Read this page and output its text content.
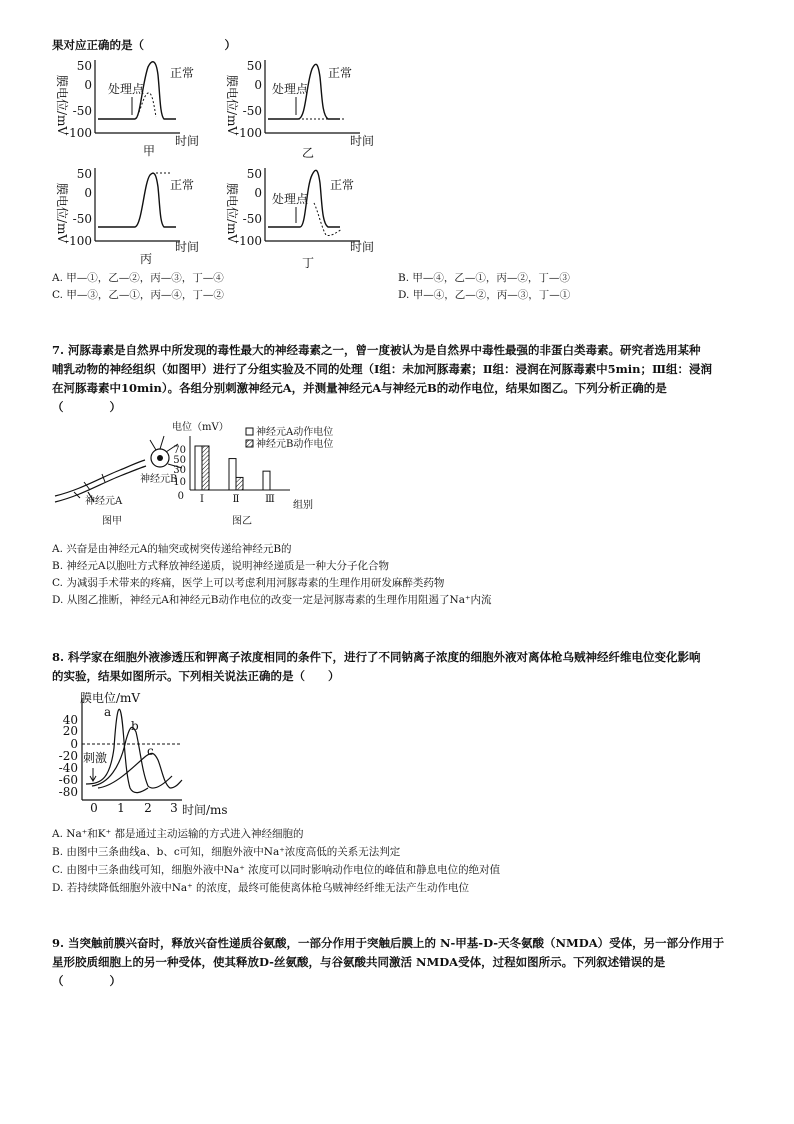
果对应正确的是（　　　　　　　）
膜电位/mV
50
0
-50
-100
处理点
正常
时间
甲
膜电位/mV
50
0
-50
-100
处理点
正常
时间
乙
膜电位/mV
50
0
-50
-100
正常
时间
丙
膜电位/mV
50
0
-50
-100
处理点
正常
时间
丁
A. 甲—①，乙—②，丙—③，丁—④	B. 甲—④，乙—①，丙—②，丁—③
C. 甲—③，乙—①，丙—④，丁—②	D. 甲—④，乙—②，丙—③，丁—①
7. 河豚毒素是自然界中所发现的毒性最大的神经毒素之一，曾一度被认为是自然界中毒性最强的非蛋白类毒素。研究者选用某种
哺乳动物的神经组织（如图甲）进行了分组实验及不同的处理（Ⅰ组：未加河豚毒素；Ⅱ组：浸润在河豚毒素中5min；Ⅲ组：浸润
在河豚毒素中10min）。各组分别刺激神经元A，并测量神经元A与神经元B的动作电位，结果如图乙。下列分析正确的是
（　　　　）
神经元B
神经元A
图甲
电位（mV）
70
50
30
10
0 Ⅰ	Ⅱ	Ⅲ
神经元A动作电位
神经元B动作电位
组别
图乙
A. 兴奋是由神经元A的轴突或树突传递给神经元B的
B. 神经元A以胞吐方式释放神经递质，说明神经递质是一种大分子化合物
C. 为减弱手术带来的疼痛，医学上可以考虑利用河豚毒素的生理作用研发麻醉类药物
D. 从图乙推断，神经元A和神经元B动作电位的改变一定是河豚毒素的生理作用阻遏了Na⁺内流
8. 科学家在细胞外液渗透压和钾离子浓度相同的条件下，进行了不同钠离子浓度的细胞外液对离体枪乌贼神经纤维电位变化影响
的实验，结果如图所示。下列相关说法正确的是（　　）
膜电位/mV
40
20
0
-20
-40
-60
-80
a
b
c
刺激
0 1 2 3 时间/ms
A. Na⁺和K⁺ 都是通过主动运输的方式进入神经细胞的
B. 由图中三条曲线a、b、c可知，细胞外液中Na⁺浓度高低的关系无法判定
C. 由图中三条曲线可知，细胞外液中Na⁺ 浓度可以同时影响动作电位的峰值和静息电位的绝对值
D. 若持续降低细胞外液中Na⁺ 的浓度，最终可能使离体枪乌贼神经纤维无法产生动作电位
9. 当突触前膜兴奋时，释放兴奋性递质谷氨酸，一部分作用于突触后膜上的 N-甲基-D-天冬氨酸（NMDA）受体，另一部分作用于
星形胶质细胞上的另一种受体，使其释放D-丝氨酸，与谷氨酸共同激活 NMDA受体，过程如图所示。下列叙述错误的是
（　　　　）
